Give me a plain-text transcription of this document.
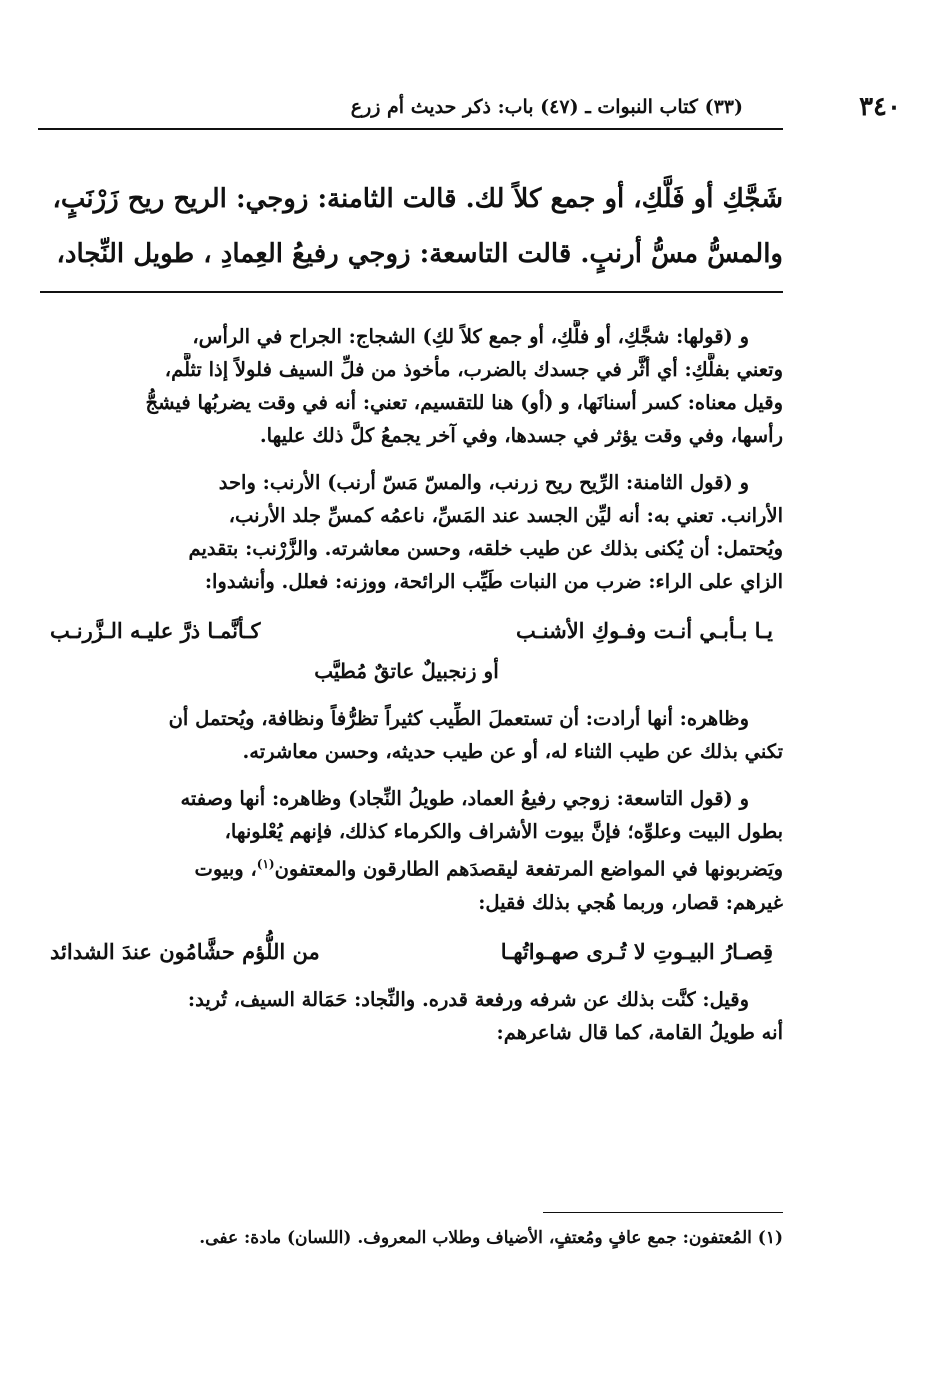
٣٤٠
(٣٣) كتاب النبوات ـ (٤٧) باب: ذكر حديث أم زرع
شَجَّكِ أو فَلَّكِ، أو جمع كلاً لك. قالت الثامنة: زوجي: الريح ريح زَرْنَبٍ،
والمسُّ مسُّ أرنبٍ. قالت التاسعة: زوجي رفيعُ العِمادِ ، طويل النِّجاد،
و (قولها: شجَّكِ، أو فلَّكِ، أو جمع كلاً لكِ) الشجاج: الجراح في الرأس،
وتعني بفلَّكِ: أي أثَّر في جسدك بالضرب، مأخوذ من فلِّ السيف فلولاً إذا تثلَّم،
وقيل معناه: كسر أسنانَها، و (أو) هنا للتقسيم، تعني: أنه في وقت يضربُها فيشجُّ
رأسها، وفي وقت يؤثر في جسدها، وفي آخر يجمعُ كلَّ ذلك عليها.
و (قول الثامنة: الرِّيح ريح زرنب، والمسّ مَسّ أرنب) الأرنب: واحد
الأرانب. تعني به: أنه ليِّن الجسد عند المَسِّ، ناعمُه كمسِّ جلد الأرنب،
ويُحتمل: أن يُكنى بذلك عن طيب خلقه، وحسن معاشرته. والزَّرْنب: بتقديم
الزاي على الراء: ضرب من النبات طَيِّب الرائحة، ووزنه: فعلل. وأنشدوا:
يـا بـأبـي أنـت وفـوكِ الأشنـب
كـأنَّمـا ذرَّ عليـه الـزَّرنـب
أو زنجبيلٌ عاتقٌ مُطيَّب
وظاهره: أنها أرادت: أن تستعملَ الطِّيب كثيراً تظرُّفاً ونظافة، ويُحتمل أن
تكني بذلك عن طيب الثناء له، أو عن طيب حديثه، وحسن معاشرته.
و (قول التاسعة: زوجي رفيعُ العماد، طويلُ النِّجاد) وظاهره: أنها وصفته
بطول البيت وعلوِّه؛ فإنَّ بيوت الأشراف والكرماء كذلك، فإنهم يُعْلونها،
ويَضربونها في المواضع المرتفعة ليقصدَهم الطارقون والمعتفون$^{(١)}$، وبيوت
غيرهم: قصار، وربما هُجي بذلك فقيل:
قِصـارُ البيـوتِ لا تُـرى صهـواتُهـا
من اللُّؤم حشَّامُون عندَ الشدائد
وقيل: كنَّت بذلك عن شرفه ورفعة قدره. والنِّجاد: حَمَالة السيف، تُريد:
أنه طويلُ القامة، كما قال شاعرهم:
(١) المُعتفون: جمع عافٍ ومُعتفٍ، الأضياف وطلاب المعروف. (اللسان) مادة: عفى.
